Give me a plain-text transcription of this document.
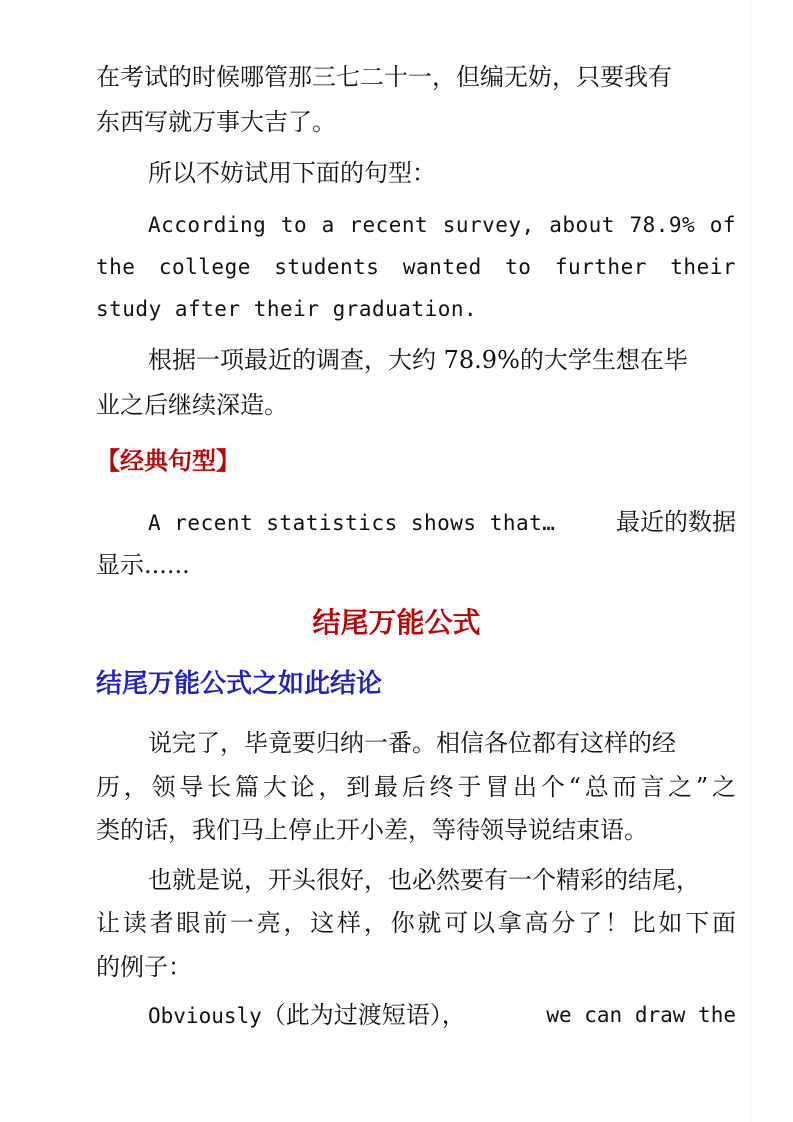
在考试的时候哪管那三七二十一，但编无妨，只要我有
东西写就万事大吉了。
所以不妨试用下面的句型：
According to a recent survey, about 78.9% of
the college students wanted to further their
study after their graduation.
根据一项最近的调查，大约 78.9%的大学生想在毕
业之后继续深造。
【经典句型】
A recent statistics shows that…	最近的数据
显示......
结尾万能公式
结尾万能公式之如此结论
说完了，毕竟要归纳一番。相信各位都有这样的经
历，领导长篇大论，到最后终于冒出个“总而言之”之
类的话，我们马上停止开小差，等待领导说结束语。
也就是说，开头很好，也必然要有一个精彩的结尾，
让读者眼前一亮，这样，你就可以拿高分了！比如下面
的例子：
Obviously（此为过渡短语），	we can draw the
